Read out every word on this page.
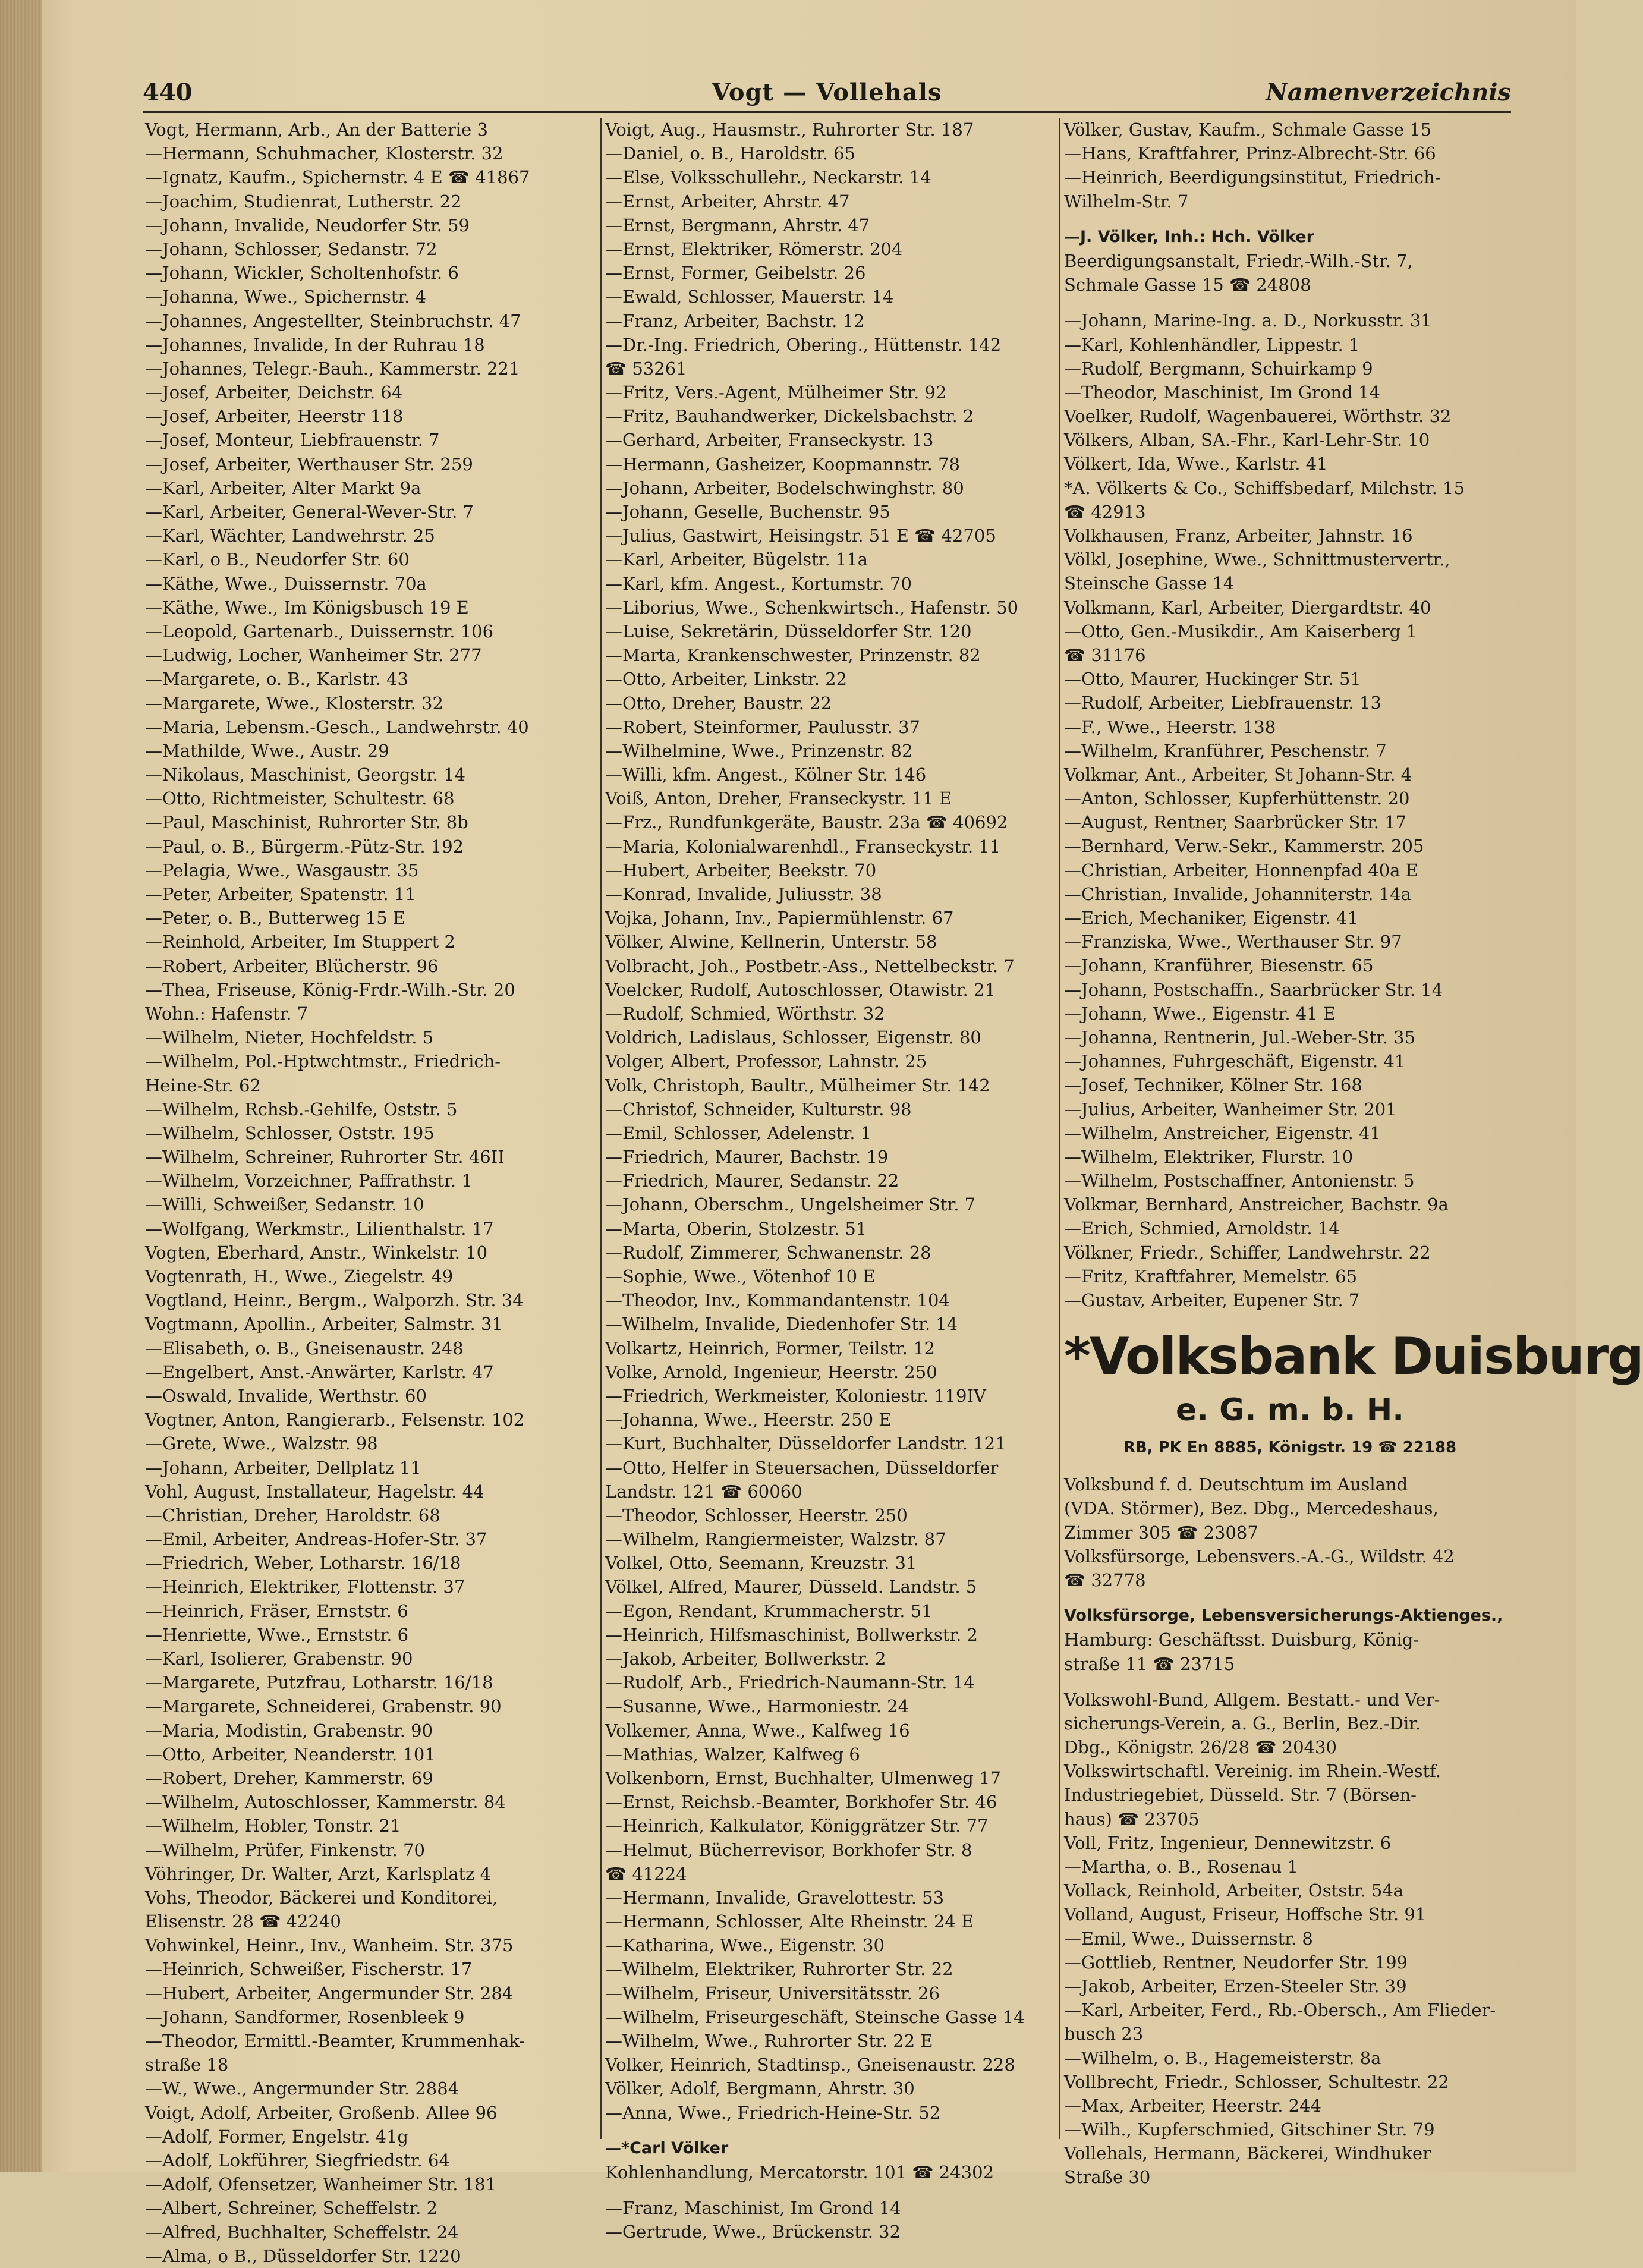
440	Vogt — Vollehals	Namenverzeichnis
Vogt, Hermann, Arb., An der Batterie 3
—Hermann, Schuhmacher, Klosterstr. 32
—Ignatz, Kaufm., Spichernstr. 4 E ☎ 41867
—Joachim, Studienrat, Lutherstr. 22
—Johann, Invalide, Neudorfer Str. 59
—Johann, Schlosser, Sedanstr. 72
—Johann, Wickler, Scholtenhofstr. 6
—Johanna, Wwe., Spichernstr. 4
—Johannes, Angestellter, Steinbruchstr. 47
—Johannes, Invalide, In der Ruhrau 18
—Johannes, Telegr.-Bauh., Kammerstr. 221
—Josef, Arbeiter, Deichstr. 64
—Josef, Arbeiter, Heerstr 118
—Josef, Monteur, Liebfrauenstr. 7
—Josef, Arbeiter, Werthauser Str. 259
—Karl, Arbeiter, Alter Markt 9a
—Karl, Arbeiter, General-Wever-Str. 7
—Karl, Wächter, Landwehrstr. 25
—Karl, o B., Neudorfer Str. 60
—Käthe, Wwe., Duissernstr. 70a
—Käthe, Wwe., Im Königsbusch 19 E
—Leopold, Gartenarb., Duissernstr. 106
—Ludwig, Locher, Wanheimer Str. 277
—Margarete, o. B., Karlstr. 43
—Margarete, Wwe., Klosterstr. 32
—Maria, Lebensm.-Gesch., Landwehrstr. 40
—Mathilde, Wwe., Austr. 29
—Nikolaus, Maschinist, Georgstr. 14
—Otto, Richtmeister, Schultestr. 68
—Paul, Maschinist, Ruhrorter Str. 8b
—Paul, o. B., Bürgerm.-Pütz-Str. 192
—Pelagia, Wwe., Wasgaustr. 35
—Peter, Arbeiter, Spatenstr. 11
—Peter, o. B., Butterweg 15 E
—Reinhold, Arbeiter, Im Stuppert 2
—Robert, Arbeiter, Blücherstr. 96
—Thea, Friseuse, König-Frdr.-Wilh.-Str. 20
Wohn.: Hafenstr. 7
—Wilhelm, Nieter, Hochfeldstr. 5
—Wilhelm, Pol.-Hptwchtmstr., Friedrich-
Heine-Str. 62
—Wilhelm, Rchsb.-Gehilfe, Oststr. 5
—Wilhelm, Schlosser, Oststr. 195
—Wilhelm, Schreiner, Ruhrorter Str. 46II
—Wilhelm, Vorzeichner, Paffrathstr. 1
—Willi, Schweißer, Sedanstr. 10
—Wolfgang, Werkmstr., Lilienthalstr. 17
Vogten, Eberhard, Anstr., Winkelstr. 10
Vogtenrath, H., Wwe., Ziegelstr. 49
Vogtland, Heinr., Bergm., Walporzh. Str. 34
Vogtmann, Apollin., Arbeiter, Salmstr. 31
—Elisabeth, o. B., Gneisenaustr. 248
—Engelbert, Anst.-Anwärter, Karlstr. 47
—Oswald, Invalide, Werthstr. 60
Vogtner, Anton, Rangierarb., Felsenstr. 102
—Grete, Wwe., Walzstr. 98
—Johann, Arbeiter, Dellplatz 11
Vohl, August, Installateur, Hagelstr. 44
—Christian, Dreher, Haroldstr. 68
—Emil, Arbeiter, Andreas-Hofer-Str. 37
—Friedrich, Weber, Lotharstr. 16/18
—Heinrich, Elektriker, Flottenstr. 37
—Heinrich, Fräser, Ernststr. 6
—Henriette, Wwe., Ernststr. 6
—Karl, Isolierer, Grabenstr. 90
—Margarete, Putzfrau, Lotharstr. 16/18
—Margarete, Schneiderei, Grabenstr. 90
—Maria, Modistin, Grabenstr. 90
—Otto, Arbeiter, Neanderstr. 101
—Robert, Dreher, Kammerstr. 69
—Wilhelm, Autoschlosser, Kammerstr. 84
—Wilhelm, Hobler, Tonstr. 21
—Wilhelm, Prüfer, Finkenstr. 70
Vöhringer, Dr. Walter, Arzt, Karlsplatz 4
Vohs, Theodor, Bäckerei und Konditorei,
Elisenstr. 28 ☎ 42240
Vohwinkel, Heinr., Inv., Wanheim. Str. 375
—Heinrich, Schweißer, Fischerstr. 17
—Hubert, Arbeiter, Angermunder Str. 284
—Johann, Sandformer, Rosenbleek 9
—Theodor, Ermittl.-Beamter, Krummenhak-
straße 18
—W., Wwe., Angermunder Str. 2884
Voigt, Adolf, Arbeiter, Großenb. Allee 96
—Adolf, Former, Engelstr. 41g
—Adolf, Lokführer, Siegfriedstr. 64
—Adolf, Ofensetzer, Wanheimer Str. 181
—Albert, Schreiner, Scheffelstr. 2
—Alfred, Buchhalter, Scheffelstr. 24
—Alma, o B., Düsseldorfer Str. 1220
Voigt, Aug., Hausmstr., Ruhrorter Str. 187
—Daniel, o. B., Haroldstr. 65
—Else, Volksschullehr., Neckarstr. 14
—Ernst, Arbeiter, Ahrstr. 47
—Ernst, Bergmann, Ahrstr. 47
—Ernst, Elektriker, Römerstr. 204
—Ernst, Former, Geibelstr. 26
—Ewald, Schlosser, Mauerstr. 14
—Franz, Arbeiter, Bachstr. 12
—Dr.-Ing. Friedrich, Obering., Hüttenstr. 142
☎ 53261
—Fritz, Vers.-Agent, Mülheimer Str. 92
—Fritz, Bauhandwerker, Dickelsbachstr. 2
—Gerhard, Arbeiter, Franseckystr. 13
—Hermann, Gasheizer, Koopmannstr. 78
—Johann, Arbeiter, Bodelschwinghstr. 80
—Johann, Geselle, Buchenstr. 95
—Julius, Gastwirt, Heisingstr. 51 E ☎ 42705
—Karl, Arbeiter, Bügelstr. 11a
—Karl, kfm. Angest., Kortumstr. 70
—Liborius, Wwe., Schenkwirtsch., Hafenstr. 50
—Luise, Sekretärin, Düsseldorfer Str. 120
—Marta, Krankenschwester, Prinzenstr. 82
—Otto, Arbeiter, Linkstr. 22
—Otto, Dreher, Baustr. 22
—Robert, Steinformer, Paulusstr. 37
—Wilhelmine, Wwe., Prinzenstr. 82
—Willi, kfm. Angest., Kölner Str. 146
Voiß, Anton, Dreher, Franseckystr. 11 E
—Frz., Rundfunkgeräte, Baustr. 23a ☎ 40692
—Maria, Kolonialwarenhdl., Franseckystr. 11
—Hubert, Arbeiter, Beekstr. 70
—Konrad, Invalide, Juliusstr. 38
Vojka, Johann, Inv., Papiermühlenstr. 67
Völker, Alwine, Kellnerin, Unterstr. 58
Volbracht, Joh., Postbetr.-Ass., Nettelbeckstr. 7
Voelcker, Rudolf, Autoschlosser, Otawistr. 21
—Rudolf, Schmied, Wörthstr. 32
Voldrich, Ladislaus, Schlosser, Eigenstr. 80
Volger, Albert, Professor, Lahnstr. 25
Volk, Christoph, Baultr., Mülheimer Str. 142
—Christof, Schneider, Kulturstr. 98
—Emil, Schlosser, Adelenstr. 1
—Friedrich, Maurer, Bachstr. 19
—Friedrich, Maurer, Sedanstr. 22
—Johann, Oberschm., Ungelsheimer Str. 7
—Marta, Oberin, Stolzestr. 51
—Rudolf, Zimmerer, Schwanenstr. 28
—Sophie, Wwe., Vötenhof 10 E
—Theodor, Inv., Kommandantenstr. 104
—Wilhelm, Invalide, Diedenhofer Str. 14
Volkartz, Heinrich, Former, Teilstr. 12
Volke, Arnold, Ingenieur, Heerstr. 250
—Friedrich, Werkmeister, Koloniestr. 119IV
—Johanna, Wwe., Heerstr. 250 E
—Kurt, Buchhalter, Düsseldorfer Landstr. 121
—Otto, Helfer in Steuersachen, Düsseldorfer
Landstr. 121 ☎ 60060
—Theodor, Schlosser, Heerstr. 250
—Wilhelm, Rangiermeister, Walzstr. 87
Volkel, Otto, Seemann, Kreuzstr. 31
Völkel, Alfred, Maurer, Düsseld. Landstr. 5
—Egon, Rendant, Krummacherstr. 51
—Heinrich, Hilfsmaschinist, Bollwerkstr. 2
—Jakob, Arbeiter, Bollwerkstr. 2
—Rudolf, Arb., Friedrich-Naumann-Str. 14
—Susanne, Wwe., Harmoniestr. 24
Volkemer, Anna, Wwe., Kalfweg 16
—Mathias, Walzer, Kalfweg 6
Volkenborn, Ernst, Buchhalter, Ulmenweg 17
—Ernst, Reichsb.-Beamter, Borkhofer Str. 46
—Heinrich, Kalkulator, Königgrätzer Str. 77
—Helmut, Bücherrevisor, Borkhofer Str. 8
☎ 41224
—Hermann, Invalide, Gravelottestr. 53
—Hermann, Schlosser, Alte Rheinstr. 24 E
—Katharina, Wwe., Eigenstr. 30
—Wilhelm, Elektriker, Ruhrorter Str. 22
—Wilhelm, Friseur, Universitätsstr. 26
—Wilhelm, Friseurgeschäft, Steinsche Gasse 14
—Wilhelm, Wwe., Ruhrorter Str. 22 E
Volker, Heinrich, Stadtinsp., Gneisenaustr. 228
Völker, Adolf, Bergmann, Ahrstr. 30
—Anna, Wwe., Friedrich-Heine-Str. 52
—*Carl Völker
Kohlenhandlung, Mercatorstr. 101 ☎ 24302
—Franz, Maschinist, Im Grond 14
—Gertrude, Wwe., Brückenstr. 32
Völker, Gustav, Kaufm., Schmale Gasse 15
—Hans, Kraftfahrer, Prinz-Albrecht-Str. 66
—Heinrich, Beerdigungsinstitut, Friedrich-
Wilhelm-Str. 7
—J. Völker, Inh.: Hch. Völker
Beerdigungsanstalt, Friedr.-Wilh.-Str. 7,
Schmale Gasse 15 ☎ 24808
—Johann, Marine-Ing. a. D., Norkusstr. 31
—Karl, Kohlenhändler, Lippestr. 1
—Rudolf, Bergmann, Schuirkamp 9
—Theodor, Maschinist, Im Grond 14
Voelker, Rudolf, Wagenbauerei, Wörthstr. 32
Völkers, Alban, SA.-Fhr., Karl-Lehr-Str. 10
Völkert, Ida, Wwe., Karlstr. 41
*A. Völkerts & Co., Schiffsbedarf, Milchstr. 15
☎ 42913
Volkhausen, Franz, Arbeiter, Jahnstr. 16
Völkl, Josephine, Wwe., Schnittmustervertr.,
Steinsche Gasse 14
Volkmann, Karl, Arbeiter, Diergardtstr. 40
—Otto, Gen.-Musikdir., Am Kaiserberg 1
☎ 31176
—Otto, Maurer, Huckinger Str. 51
—Rudolf, Arbeiter, Liebfrauenstr. 13
—F., Wwe., Heerstr. 138
—Wilhelm, Kranführer, Peschenstr. 7
Volkmar, Ant., Arbeiter, St Johann-Str. 4
—Anton, Schlosser, Kupferhüttenstr. 20
—August, Rentner, Saarbrücker Str. 17
—Bernhard, Verw.-Sekr., Kammerstr. 205
—Christian, Arbeiter, Honnenpfad 40a E
—Christian, Invalide, Johanniterstr. 14a
—Erich, Mechaniker, Eigenstr. 41
—Franziska, Wwe., Werthauser Str. 97
—Johann, Kranführer, Biesenstr. 65
—Johann, Postschaffn., Saarbrücker Str. 14
—Johann, Wwe., Eigenstr. 41 E
—Johanna, Rentnerin, Jul.-Weber-Str. 35
—Johannes, Fuhrgeschäft, Eigenstr. 41
—Josef, Techniker, Kölner Str. 168
—Julius, Arbeiter, Wanheimer Str. 201
—Wilhelm, Anstreicher, Eigenstr. 41
—Wilhelm, Elektriker, Flurstr. 10
—Wilhelm, Postschaffner, Antonienstr. 5
Volkmar, Bernhard, Anstreicher, Bachstr. 9a
—Erich, Schmied, Arnoldstr. 14
Völkner, Friedr., Schiffer, Landwehrstr. 22
—Fritz, Kraftfahrer, Memelstr. 65
—Gustav, Arbeiter, Eupener Str. 7
*Volksbank Duisburg
e. G. m. b. H.
RB, PK En 8885, Königstr. 19 ☎ 22188
Volksbund f. d. Deutschtum im Ausland
(VDA. Störmer), Bez. Dbg., Mercedeshaus,
Zimmer 305 ☎ 23087
Volksfürsorge, Lebensvers.-A.-G., Wildstr. 42
☎ 32778
Volksfürsorge, Lebensversicherungs-Aktienges.,
Hamburg: Geschäftsst. Duisburg, König-
straße 11 ☎ 23715
Volkswohl-Bund, Allgem. Bestatt.- und Ver-
sicherungs-Verein, a. G., Berlin, Bez.-Dir.
Dbg., Königstr. 26/28 ☎ 20430
Volkswirtschaftl. Vereinig. im Rhein.-Westf.
Industriegebiet, Düsseld. Str. 7 (Börsen-
haus) ☎ 23705
Voll, Fritz, Ingenieur, Dennewitzstr. 6
—Martha, o. B., Rosenau 1
Vollack, Reinhold, Arbeiter, Oststr. 54a
Volland, August, Friseur, Hoffsche Str. 91
—Emil, Wwe., Duissernstr. 8
—Gottlieb, Rentner, Neudorfer Str. 199
—Jakob, Arbeiter, Erzen-Steeler Str. 39
—Karl, Arbeiter, Ferd., Rb.-Obersch., Am Flieder-
busch 23
—Wilhelm, o. B., Hagemeisterstr. 8a
Vollbrecht, Friedr., Schlosser, Schultestr. 22
—Max, Arbeiter, Heerstr. 244
—Wilh., Kupferschmied, Gitschiner Str. 79
Vollehals, Hermann, Bäckerei, Windhuker
Straße 30
